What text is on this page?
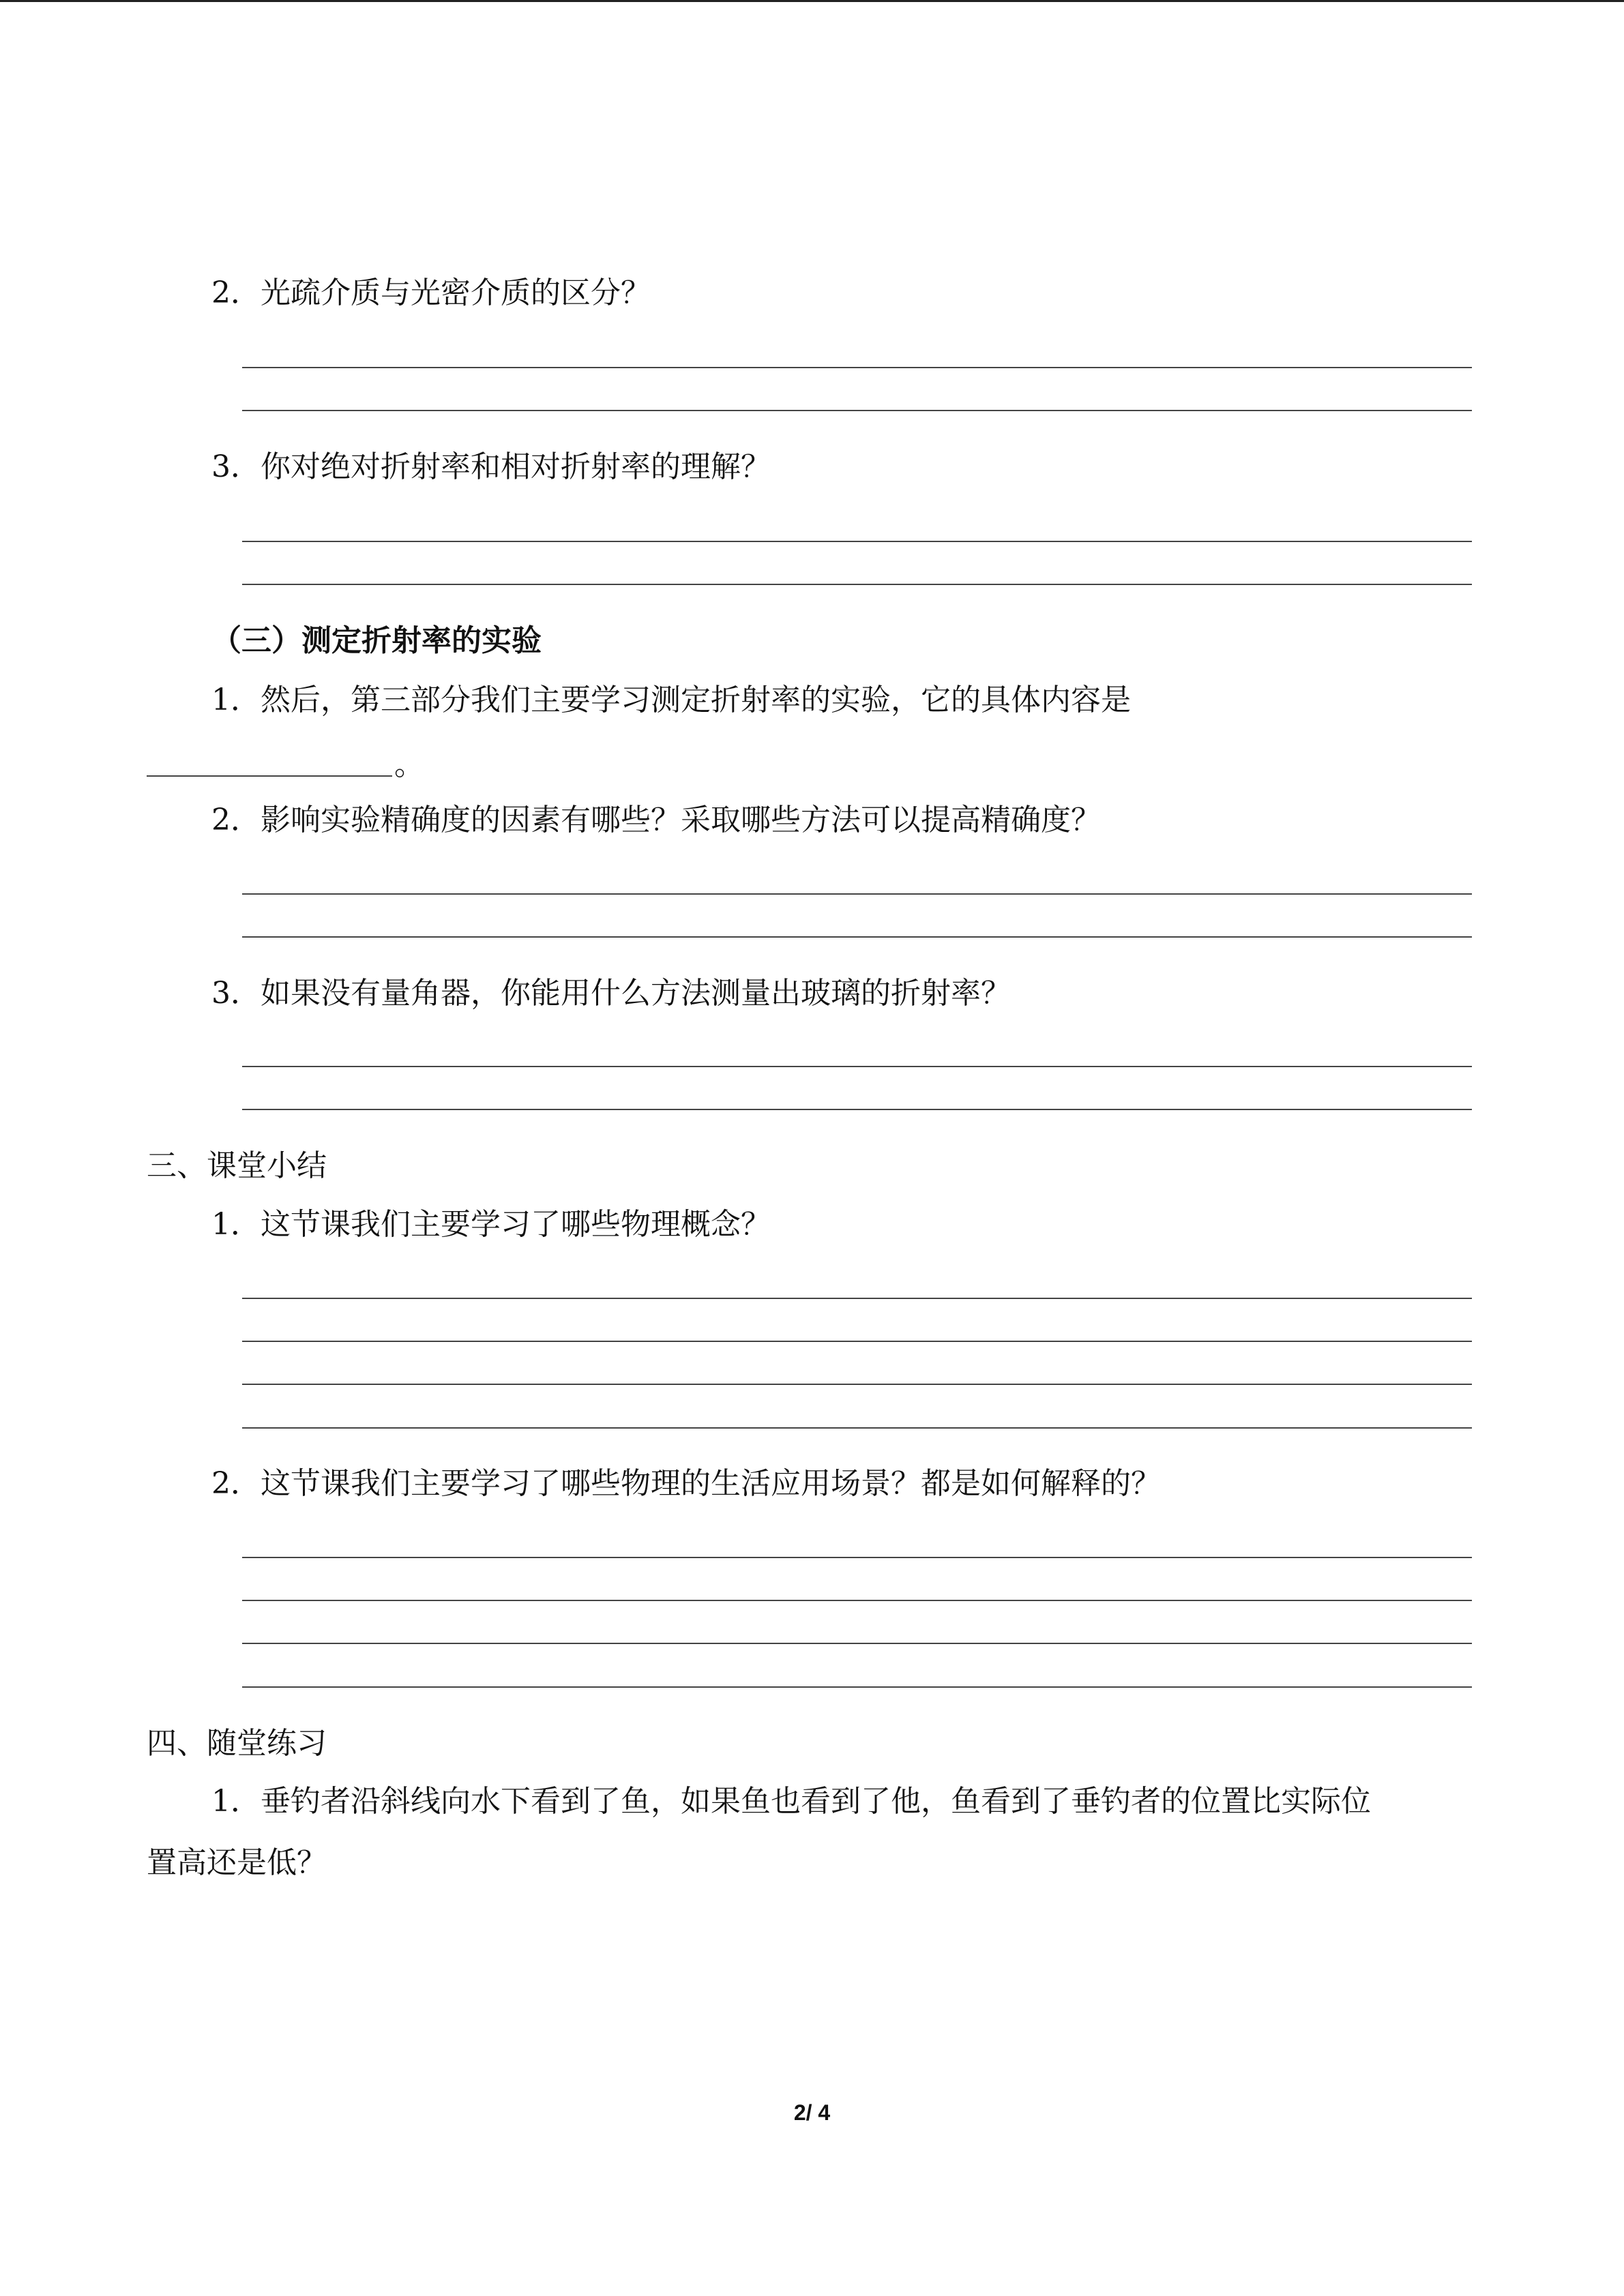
2．光疏介质与光密介质的区分？
3．你对绝对折射率和相对折射率的理解？
（三）测定折射率的实验
1．然后，第三部分我们主要学习测定折射率的实验，它的具体内容是
。
2．影响实验精确度的因素有哪些？采取哪些方法可以提高精确度？
3．如果没有量角器，你能用什么方法测量出玻璃的折射率？
三、课堂小结
1．这节课我们主要学习了哪些物理概念？
2．这节课我们主要学习了哪些物理的生活应用场景？都是如何解释的？
四、随堂练习
1．垂钓者沿斜线向水下看到了鱼，如果鱼也看到了他，鱼看到了垂钓者的位置比实际位
置高还是低？
2/ 4
